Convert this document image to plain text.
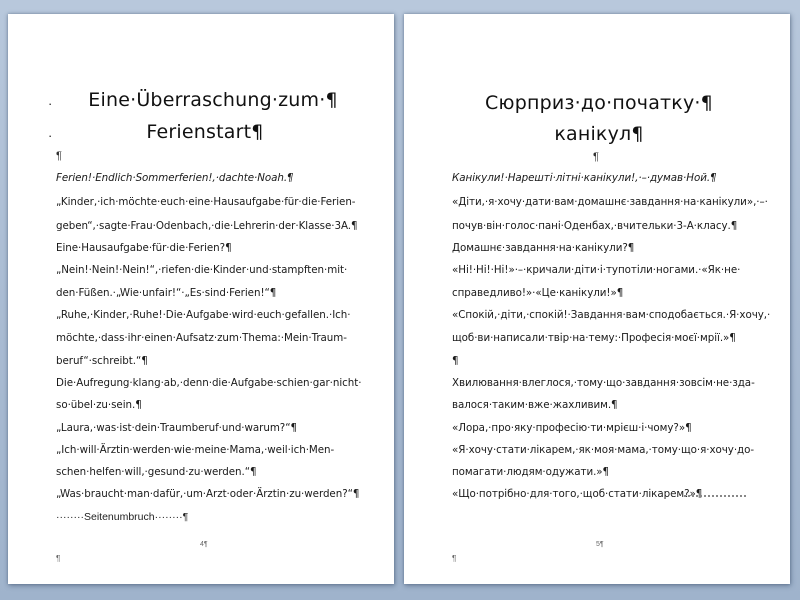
·
·
Eine·Überraschung·zum·¶
Ferienstart¶
¶
Ferien!·Endlich·Sommerferien!,·dachte·Noah.¶
„Kinder,·ich·möchte·euch·eine·Hausaufgabe·für·die·Ferien-
geben“,·sagte·Frau·Odenbach,·die·Lehrerin·der·Klasse·3A.¶
Eine·Hausaufgabe·für·die·Ferien?¶
„Nein!·Nein!·Nein!“,·riefen·die·Kinder·und·stampften·mit·
den·Füßen.·„Wie·unfair!“·„Es·sind·Ferien!“¶
„Ruhe,·Kinder,·Ruhe!·Die·Aufgabe·wird·euch·gefallen.·Ich·
möchte,·dass·ihr·einen·Aufsatz·zum·Thema:·Mein·Traum-
beruf“·schreibt.“¶
Die·Aufregung·klang·ab,·denn·die·Aufgabe·schien·gar·nicht·
so·übel·zu·sein.¶
„Laura,·was·ist·dein·Traumberuf·und·warum?“¶
„Ich·will·Ärztin·werden·wie·meine·Mama,·weil·ich·Men-
schen·helfen·will,·gesund·zu·werden.“¶
„Was·braucht·man·dafür,·um·Arzt·oder·Ärztin·zu·werden?“¶
········Seitenumbruch········¶
4¶
¶
Сюрприз·до·початку·¶
канікул¶
¶
Канікули!·Нарешті·літні·канікули!,·–·думав·Ной.¶
«Діти,·я·хочу·дати·вам·домашнє·завдання·на·канікули»,·–·
почув·він·голос·пані·Оденбах,·вчительки·3-А·класу.¶
Домашнє·завдання·на·канікули?¶
«Ні!·Ні!·Ні!»·–·кричали·діти·і·тупотіли·ногами.·«Як·не·
справедливо!»·«Це·канікули!»¶
«Спокій,·діти,·спокій!·Завдання·вам·сподобається.·Я·хочу,·
щоб·ви·написали·твір·на·тему:·Професія·моєї·мрії.»¶
¶
Хвилювання·влеглося,·тому·що·завдання·зовсім·не·зда-
валося·таким·вже·жахливим.¶
«Лора,·про·яку·професію·ти·мрієш·і·чому?»¶
«Я·хочу·стати·лікарем,·як·моя·мама,·тому·що·я·хочу·до-
помагати·людям·одужати.»¶
«Що·потрібно·для·того,·щоб·стати·лікарем?»¶
5¶
¶
